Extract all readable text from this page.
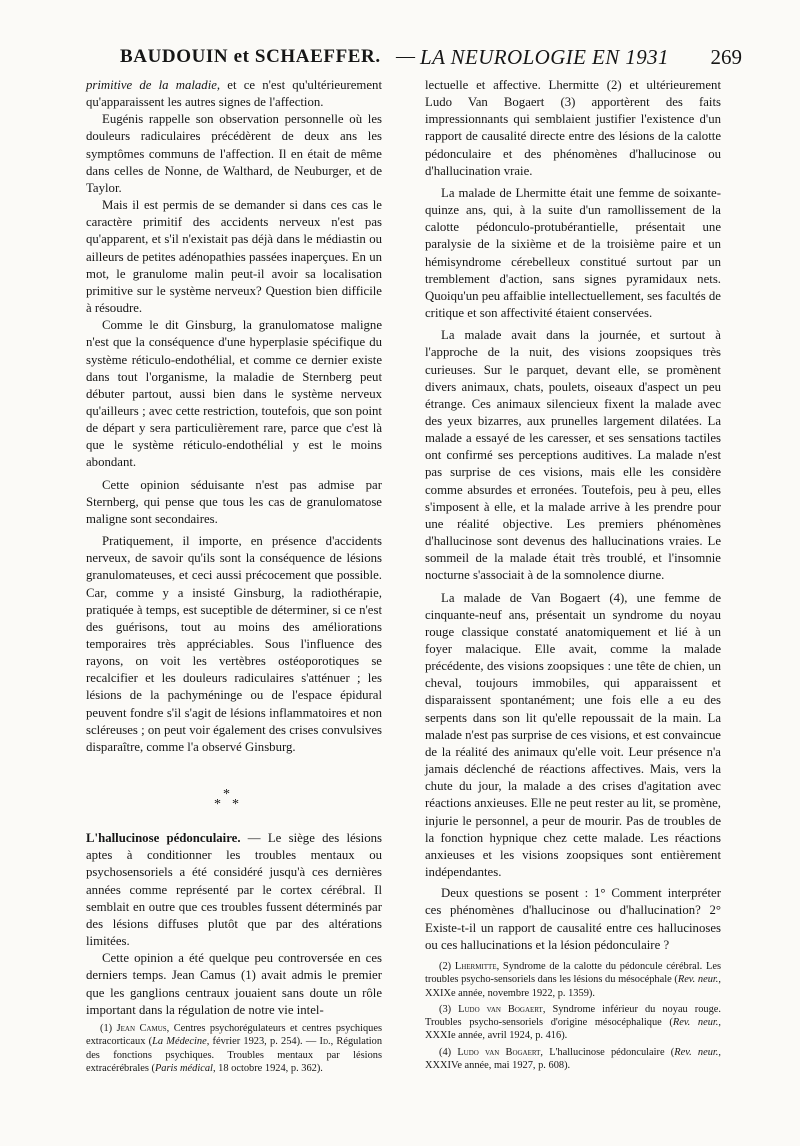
BAUDOUIN et SCHAEFFER. — LA NEUROLOGIE EN 1931 269

primitive de la maladie, et ce n'est qu'ultérieurement qu'apparaissent les autres signes de l'affection.

Eugénis rappelle son observation personnelle où les douleurs radiculaires précédèrent de deux ans les symptômes communs de l'affection. Il en était de même dans celles de Nonne, de Walthard, de Neuburger, et de Taylor.

Mais il est permis de se demander si dans ces cas le caractère primitif des accidents nerveux n'est pas qu'apparent, et s'il n'existait pas déjà dans le médiastin ou ailleurs de petites adénopathies passées inaperçues. En un mot, le granulome malin peut-il avoir sa localisation primitive sur le système nerveux? Question bien difficile à résoudre.

Comme le dit Ginsburg, la granulomatose maligne n'est que la conséquence d'une hyperplasie spécifique du système réticulo-endothélial, et comme ce dernier existe dans tout l'organisme, la maladie de Sternberg peut débuter partout, aussi bien dans le système nerveux qu'ailleurs ; avec cette restriction, toutefois, que son point de départ y sera particulièrement rare, parce que c'est là que le système réticulo-endothélial y est le moins abondant.

Cette opinion séduisante n'est pas admise par Sternberg, qui pense que tous les cas de granulomatose maligne sont secondaires.

Pratiquement, il importe, en présence d'accidents nerveux, de savoir qu'ils sont la conséquence de lésions granulomateuses, et ceci aussi précocement que possible. Car, comme y a insisté Ginsburg, la radiothérapie, pratiquée à temps, est suceptible de déterminer, si ce n'est des guérisons, tout au moins des améliorations temporaires très appréciables. Sous l'influence des rayons, on voit les vertèbres ostéoporotiques se recalcifier et les douleurs radiculaires s'atténuer ; les lésions de la pachyméninge ou de l'espace épidural peuvent fondre s'il s'agit de lésions inflammatoires et non scléreuses ; on peut voir également des crises convulsives disparaître, comme l'a observé Ginsburg.

*
* *

L'hallucinose pédonculaire. — Le siège des lésions aptes à conditionner les troubles mentaux ou psychosensoriels a été considéré jusqu'à ces dernières années comme représenté par le cortex cérébral. Il semblait en outre que ces troubles fussent déterminés par des lésions diffuses plutôt que par des altérations limitées.

Cette opinion a été quelque peu controversée en ces derniers temps. Jean Camus (1) avait admis le premier que les ganglions centraux jouaient sans doute un rôle important dans la régulation de notre vie intel-

lectuelle et affective. Lhermitte (2) et ultérieurement Ludo Van Bogaert (3) apportèrent des faits impressionnants qui semblaient justifier l'existence d'un rapport de causalité directe entre des lésions de la calotte pédonculaire et des phénomènes d'hallucinose ou d'hallucination vraie.

La malade de Lhermitte était une femme de soixante-quinze ans, qui, à la suite d'un ramollissement de la calotte pédonculo-protubérantielle, présentait une paralysie de la sixième et de la troisième paire et un hémisyndrome cérebelleux constitué surtout par un tremblement d'action, sans signes pyramidaux nets. Quoiqu'un peu affaiblie intellectuellement, ses facultés de critique et son affectivité étaient conservées.

La malade avait dans la journée, et surtout à l'approche de la nuit, des visions zoopsiques très curieuses. Sur le parquet, devant elle, se promènent divers animaux, chats, poulets, oiseaux d'aspect un peu étrange. Ces animaux silencieux fixent la malade avec des yeux bizarres, aux prunelles largement dilatées. La malade a essayé de les caresser, et ses sensations tactiles ont confirmé ses perceptions auditives. La malade n'est pas surprise de ces visions, mais elle les considère comme absurdes et erronées. Toutefois, peu à peu, elles s'imposent à elle, et la malade arrive à les prendre pour une réalité objective. Les premiers phénomènes d'hallucinose sont devenus des hallucinations vraies. Le sommeil de la malade était très troublé, et l'insomnie nocturne s'associait à de la somnolence diurne.

La malade de Van Bogaert (4), une femme de cinquante-neuf ans, présentait un syndrome du noyau rouge classique constaté anatomiquement et lié à un foyer malacique. Elle avait, comme la malade précédente, des visions zoopsiques : une tête de chien, un cheval, toujours immobiles, qui apparaissent et disparaissent spontanément; une fois elle a eu des serpents dans son lit qu'elle repoussait de la main. La malade n'est pas surprise de ces visions, et est convaincue de la réalité des animaux qu'elle voit. Leur présence n'a jamais déclenché de réactions affectives. Mais, vers la chute du jour, la malade a des crises d'agitation avec réactions anxieuses. Elle ne peut rester au lit, se promène, injurie le personnel, a peur de mourir. Pas de troubles de la fonction hypnique chez cette malade. Les réactions anxieuses et les visions zoopsiques sont entièrement indépendantes.

Deux questions se posent : 1° Comment interpréter ces phénomènes d'hallucinose ou d'hallucination? 2° Existe-t-il un rapport de causalité entre ces hallucinoses ou ces hallucinations et la lésion pédonculaire ?

(1) Jean Camus, Centres psychorégulateurs et centres psychiques extracorticaux (La Médecine, février 1923, p. 254). — Id., Régulation des fonctions psychiques. Troubles mentaux par lésions extracérébrales (Paris médical, 18 octobre 1924, p. 362).

(2) Lhermitte, Syndrome de la calotte du pédoncule cérébral. Les troubles psycho-sensoriels dans les lésions du mésocéphale (Rev. neur., XXIXe année, novembre 1922, p. 1359).

(3) Ludo van Bogaert, Syndrome inférieur du noyau rouge. Troubles psycho-sensoriels d'origine mésocéphalique (Rev. neur., XXXIe année, avril 1924, p. 416).

(4) Ludo van Bogaert, L'hallucinose pédonculaire (Rev. neur., XXXIVe année, mai 1927, p. 608).
